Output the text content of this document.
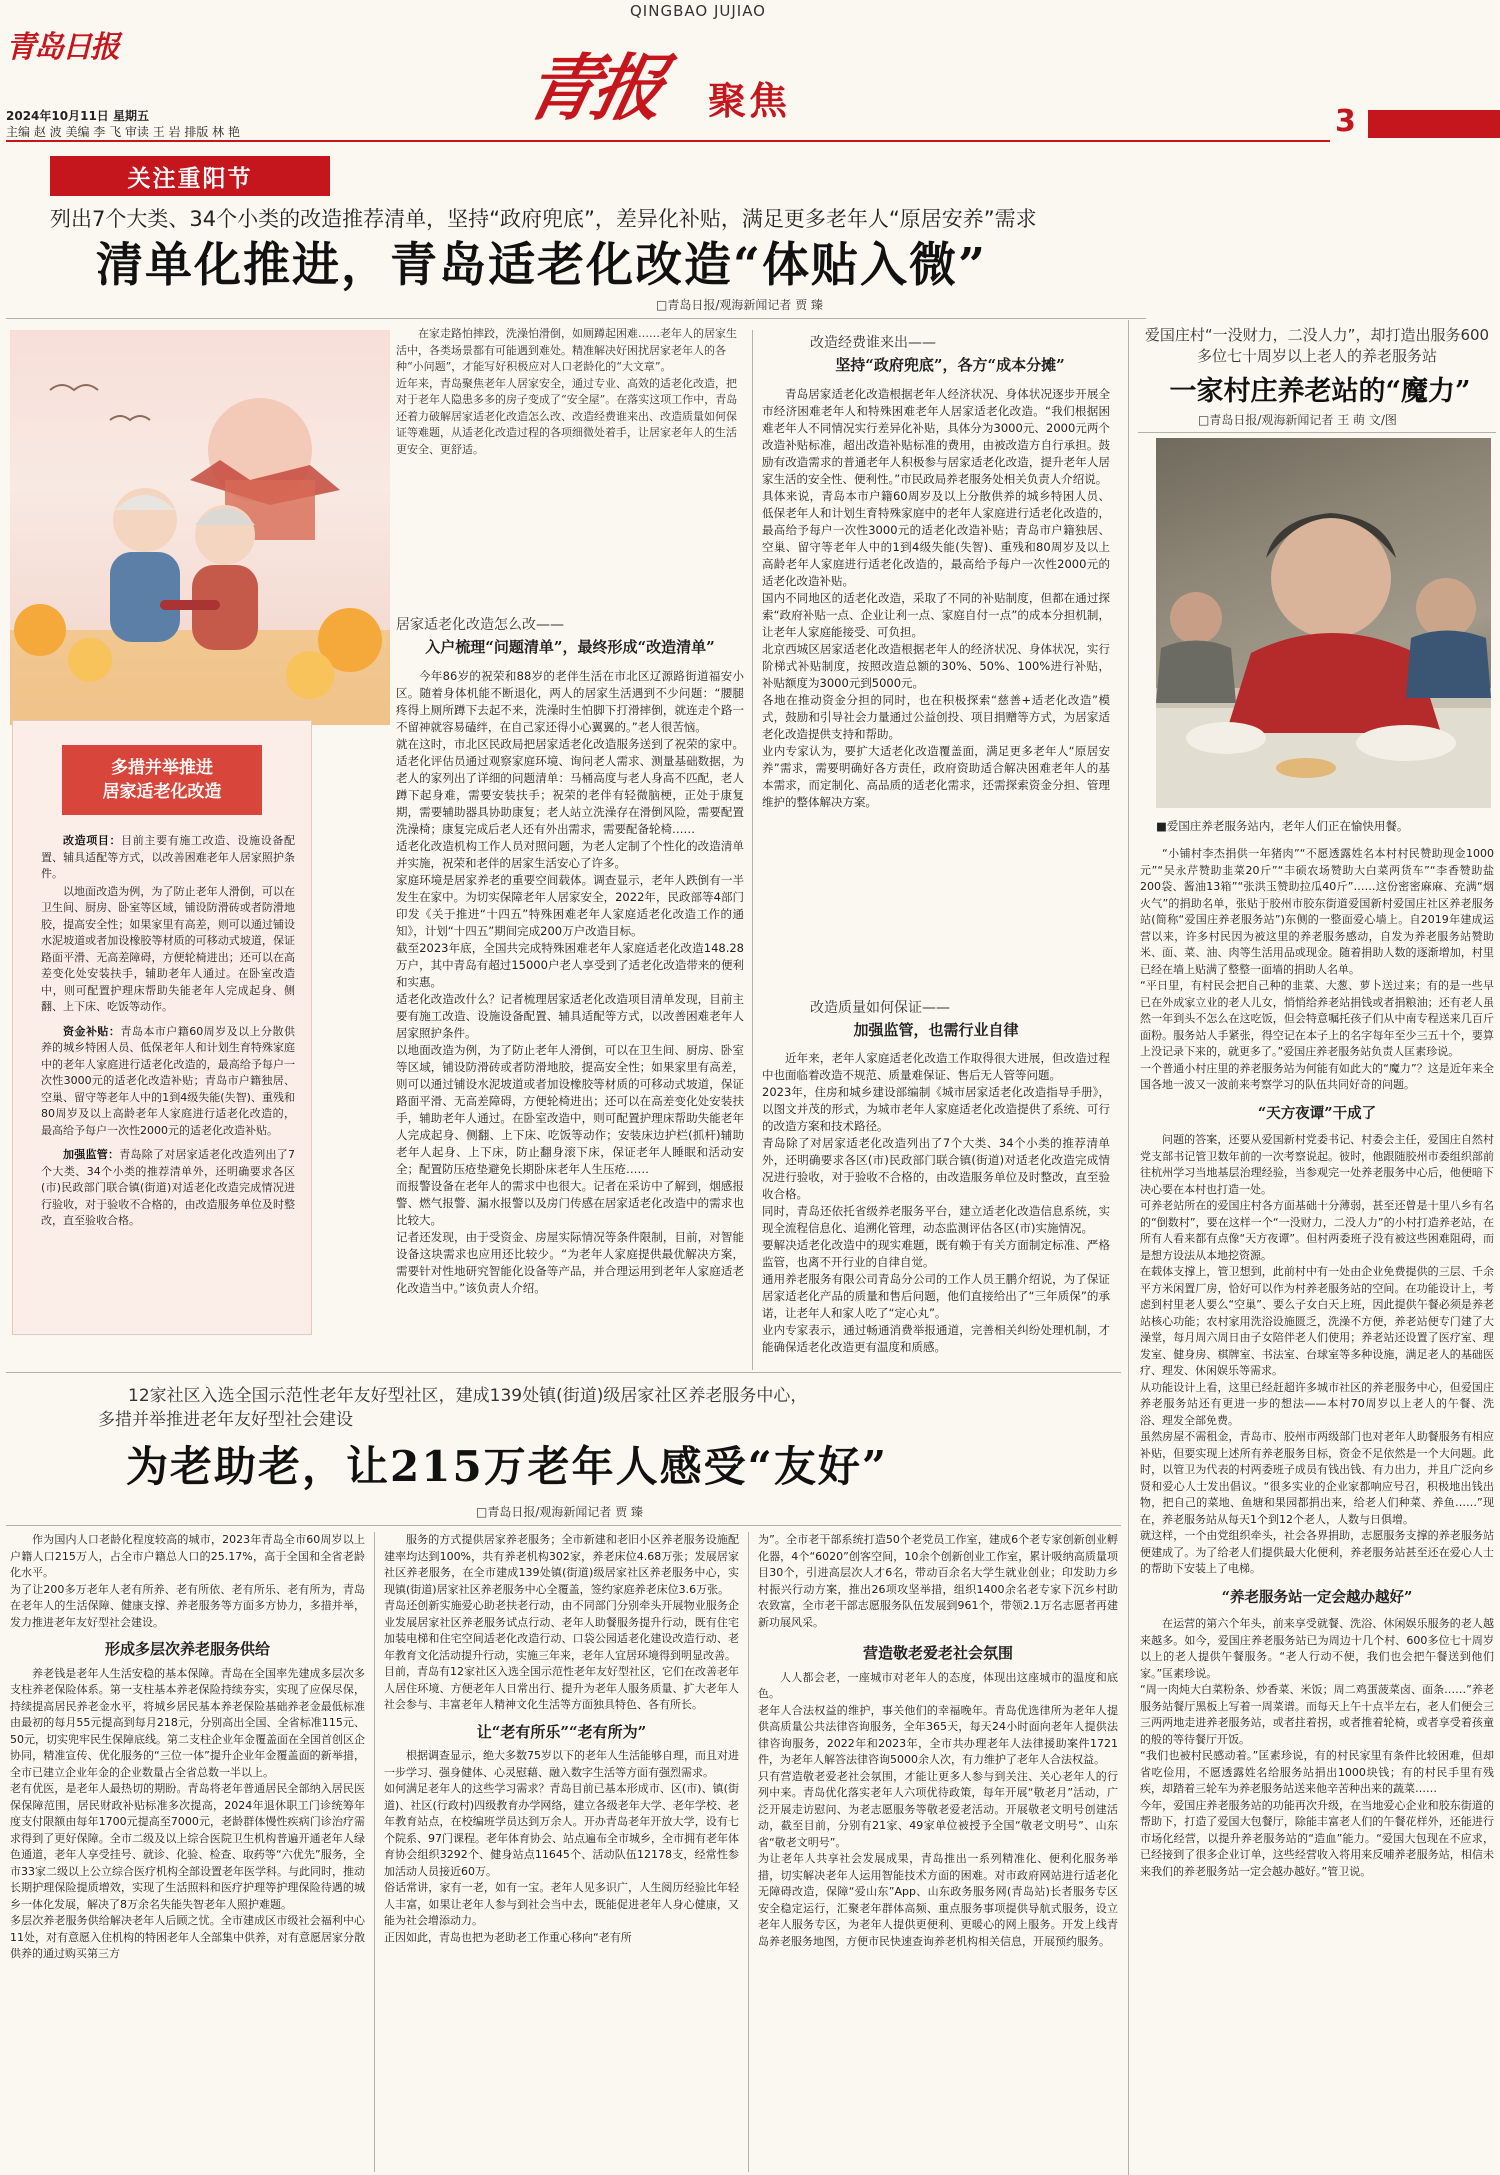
青岛日报
QINGBAO JUJIAO
青报 聚焦
2024年10月11日 星期五
主编 赵 波 美编 李 飞 审读 王 岩 排版 林 艳	3
关注重阳节
列出7个大类、34个小类的改造推荐清单，坚持“政府兜底”，差异化补贴，满足更多老年人“原居安养”需求
清单化推进，青岛适老化改造“体贴入微”
□青岛日报/观海新闻记者 贾 臻
多措并举推进
居家适老化改造

改造项目：目前主要有施工改造、设施设备配置、辅具适配等方式，以改善困难老年人居家照护条件。

以地面改造为例，为了防止老年人滑倒，可以在卫生间、厨房、卧室等区域，铺设防滑砖或者防滑地胶，提高安全性；如果家里有高差，则可以通过铺设水泥坡道或者加设橡胶等材质的可移动式坡道，保证路面平滑、无高差障碍，方便轮椅进出；还可以在高差变化处安装扶手，辅助老年人通过。在卧室改造中，则可配置护理床帮助失能老年人完成起身、侧翻、上下床、吃饭等动作。

资金补贴：青岛本市户籍60周岁及以上分散供养的城乡特困人员、低保老年人和计划生育特殊家庭中的老年人家庭进行适老化改造的，最高给予每户一次性3000元的适老化改造补贴；青岛市户籍独居、空巢、留守等老年人中的1到4级失能(失智)、重残和80周岁及以上高龄老年人家庭进行适老化改造的，最高给予每户一次性2000元的适老化改造补贴。

加强监管：青岛除了对居家适老化改造列出了7个大类、34个小类的推荐清单外，还明确要求各区(市)民政部门联合镇(街道)对适老化改造完成情况进行验收，对于验收不合格的，由改造服务单位及时整改，直至验收合格。

在家走路怕摔跤，洗澡怕滑倒，如厕蹲起困难……老年人的居家生活中，各类场景都有可能遇到难处。精准解决好困扰居家老年人的各种“小问题”，才能写好积极应对人口老龄化的“大文章”。
近年来，青岛聚焦老年人居家安全，通过专业、高效的适老化改造，把对于老年人隐患多多的房子变成了“安全屋”。在落实这项工作中，青岛还着力破解居家适老化改造怎么改、改造经费谁来出、改造质量如何保证等难题，从适老化改造过程的各项细微处着手，让居家老年人的生活更安全、更舒适。
居家适老化改造怎么改——
入户梳理“问题清单”，最终形成“改造清单”
今年86岁的祝荣和88岁的老伴生活在市北区辽源路街道福安小区。随着身体机能不断退化，两人的居家生活遇到不少问题：“腰腿疼得上厕所蹲下去起不来，洗澡时生怕脚下打滑摔倒，就连走个路一不留神就容易磕绊，在自己家还得小心翼翼的。”老人很苦恼。
就在这时，市北区民政局把居家适老化改造服务送到了祝荣的家中。适老化评估员通过观察家庭环境、询问老人需求、测量基础数据，为老人的家列出了详细的问题清单：马桶高度与老人身高不匹配，老人蹲下起身难，需要安装扶手；祝荣的老伴有轻微脑梗，正处于康复期，需要辅助器具协助康复；老人站立洗澡存在滑倒风险，需要配置洗澡椅；康复完成后老人还有外出需求，需要配备轮椅……
适老化改造机构工作人员对照问题，为老人定制了个性化的改造清单并实施，祝荣和老伴的居家生活安心了许多。
家庭环境是居家养老的重要空间载体。调查显示，老年人跌倒有一半发生在家中。为切实保障老年人居家安全，2022年，民政部等4部门印发《关于推进“十四五”特殊困难老年人家庭适老化改造工作的通知》，计划“十四五”期间完成200万户改造目标。
截至2023年底，全国共完成特殊困难老年人家庭适老化改造148.28万户，其中青岛有超过15000户老人享受到了适老化改造带来的便利和实惠。
适老化改造改什么？记者梳理居家适老化改造项目清单发现，目前主要有施工改造、设施设备配置、辅具适配等方式，以改善困难老年人居家照护条件。
以地面改造为例，为了防止老年人滑倒，可以在卫生间、厨房、卧室等区域，铺设防滑砖或者防滑地胶，提高安全性；如果家里有高差，则可以通过铺设水泥坡道或者加设橡胶等材质的可移动式坡道，保证路面平滑、无高差障碍，方便轮椅进出；还可以在高差变化处安装扶手，辅助老年人通过。在卧室改造中，则可配置护理床帮助失能老年人完成起身、侧翻、上下床、吃饭等动作；安装床边护栏(抓杆)辅助老年人起身、上下床，防止翻身滚下床，保证老年人睡眠和活动安全；配置防压疮垫避免长期卧床老年人生压疮……
而报警设备在老年人的需求中也很大。记者在采访中了解到，烟感报警、燃气报警、漏水报警以及房门传感在居家适老化改造中的需求也比较大。
记者还发现，由于受资金、房屋实际情况等条件限制，目前，对智能设备这块需求也应用还比较少。“为老年人家庭提供最优解决方案，需要针对性地研究智能化设备等产品，并合理运用到老年人家庭适老化改造当中。”该负责人介绍。
改造经费谁来出——
坚持“政府兜底”，各方“成本分摊”
青岛居家适老化改造根据老年人经济状况、身体状况逐步开展全市经济困难老年人和特殊困难老年人居家适老化改造。“我们根据困难老年人不同情况实行差异化补贴，具体分为3000元、2000元两个改造补贴标准，超出改造补贴标准的费用，由被改造方自行承担。鼓励有改造需求的普通老年人积极参与居家适老化改造，提升老年人居家生活的安全性、便利性。”市民政局养老服务处相关负责人介绍说。
具体来说，青岛本市户籍60周岁及以上分散供养的城乡特困人员、低保老年人和计划生育特殊家庭中的老年人家庭进行适老化改造的，最高给予每户一次性3000元的适老化改造补贴；青岛市户籍独居、空巢、留守等老年人中的1到4级失能(失智)、重残和80周岁及以上高龄老年人家庭进行适老化改造的，最高给予每户一次性2000元的适老化改造补贴。
国内不同地区的适老化改造，采取了不同的补贴制度，但都在通过探索“政府补贴一点、企业让利一点、家庭自付一点”的成本分担机制，让老年人家庭能接受、可负担。
北京西城区居家适老化改造根据老年人的经济状况、身体状况，实行阶梯式补贴制度，按照改造总额的30%、50%、100%进行补贴，补贴额度为3000元到5000元。
各地在推动资金分担的同时，也在积极探索“慈善+适老化改造”模式，鼓励和引导社会力量通过公益创投、项目捐赠等方式，为居家适老化改造提供支持和帮助。
业内专家认为，要扩大适老化改造覆盖面，满足更多老年人“原居安养”需求，需要明确好各方责任，政府资助适合解决困难老年人的基本需求，而定制化、高品质的适老化需求，还需探索资金分担、管理维护的整体解决方案。
改造质量如何保证——
加强监管，也需行业自律
近年来，老年人家庭适老化改造工作取得很大进展，但改造过程中也面临着改造不规范、质量难保证、售后无人管等问题。
2023年，住房和城乡建设部编制《城市居家适老化改造指导手册》，以图文并茂的形式，为城市老年人家庭适老化改造提供了系统、可行的改造方案和技术路径。
青岛除了对居家适老化改造列出了7个大类、34个小类的推荐清单外，还明确要求各区(市)民政部门联合镇(街道)对适老化改造完成情况进行验收，对于验收不合格的，由改造服务单位及时整改，直至验收合格。
同时，青岛还依托省级养老服务平台，建立适老化改造信息系统，实现全流程信息化、追溯化管理，动态监测评估各区(市)实施情况。
要解决适老化改造中的现实难题，既有赖于有关方面制定标准、严格监管，也离不开行业的自律自觉。
通用养老服务有限公司青岛分公司的工作人员王鹏介绍说，为了保证居家适老化产品的质量和售后问题，他们直接给出了“三年质保”的承诺，让老年人和家人吃了“定心丸”。
业内专家表示，通过畅通消费举报通道，完善相关纠纷处理机制，才能确保适老化改造更有温度和质感。
12家社区入选全国示范性老年友好型社区，建成139处镇(街道)级居家社区养老服务中心，
多措并举推进老年友好型社会建设
为老助老，让215万老年人感受“友好”
□青岛日报/观海新闻记者 贾 臻
作为国内人口老龄化程度较高的城市，2023年青岛全市60周岁以上户籍人口215万人，占全市户籍总人口的25.17%，高于全国和全省老龄化水平。
为了让200多万老年人老有所养、老有所依、老有所乐、老有所为，青岛在老年人的生活保障、健康支撑、养老服务等方面多方协力，多措并举，发力推进老年友好型社会建设。
形成多层次养老服务供给
养老钱是老年人生活安稳的基本保障。青岛在全国率先建成多层次多支柱养老保险体系。第一支柱基本养老保险持续夯实，实现了应保尽保，持续提高居民养老金水平，将城乡居民基本养老保险基础养老金最低标准由最初的每月55元提高到每月218元，分别高出全国、全省标准115元、50元，切实兜牢民生保障底线。第二支柱企业年金覆盖面在全国首创区企协同，精准宣传、优化服务的“三位一体”提升企业年金覆盖面的新举措，全市已建立企业年金的企业数量占全省总数一半以上。
老有优医，是老年人最热切的期盼。青岛将老年普通居民全部纳入居民医保保障范围，居民财政补贴标准多次提高，2024年退休职工门诊统筹年度支付限额由每年1700元提高至7000元，老龄群体慢性疾病门诊治疗需求得到了更好保障。全市二级及以上综合医院卫生机构普遍开通老年人绿色通道，老年人享受挂号、就诊、化验、检查、取药等“六优先”服务，全市33家二级以上公立综合医疗机构全部设置老年医学科。与此同时，推动长期护理保险提质增效，实现了生活照料和医疗护理等护理保险待遇的城乡一体化发展，解决了8万余名失能失智老年人照护难题。
多层次养老服务供给解决老年人后顾之忧。全市建成区市级社会福利中心11处，对有意愿入住机构的特困老年人全部集中供养，对有意愿居家分散供养的通过购买第三方
服务的方式提供居家养老服务；全市新建和老旧小区养老服务设施配建率均达到100%，共有养老机构302家，养老床位4.68万张；发展居家社区养老服务，在全市建成139处镇(街道)级居家社区养老服务中心，实现镇(街道)居家社区养老服务中心全覆盖，签约家庭养老床位3.6万张。
青岛还创新实施爱心助老扶老行动，由不同部门分别牵头开展物业服务企业发展居家社区养老服务试点行动、老年人助餐服务提升行动，既有住宅加装电梯和住宅空间适老化改造行动、口袋公园适老化建设改造行动、老年教育文化活动提升行动，实施三年来，老年人宜居环境得到明显改善。
目前，青岛有12家社区入选全国示范性老年友好型社区，它们在改善老年人居住环境、方便老年人日常出行、提升为老年人服务质量、扩大老年人社会参与、丰富老年人精神文化生活等方面独具特色、各有所长。
让“老有所乐”“老有所为”
根据调查显示，绝大多数75岁以下的老年人生活能够自理，而且对进一步学习、强身健体、心灵慰藉、融入数字生活等方面有强烈需求。
如何满足老年人的这些学习需求？青岛目前已基本形成市、区(市)、镇(街道)、社区(行政村)四级教育办学网络，建立各级老年大学、老年学校、老年教育站点，在校编班学员达到万余人。开办青岛老年开放大学，设有七个院系、97门课程。老年体育协会、站点遍布全市城乡，全市拥有老年体育协会组织3292个、健身站点11645个、活动队伍12178支，经常性参加活动人员接近60万。
俗话常讲，家有一老，如有一宝。老年人见多识广，人生阅历经验比年轻人丰富，如果让老年人参与到社会当中去，既能促进老年人身心健康，又能为社会增添动力。
正因如此，青岛也把为老助老工作重心移向“老有所
为”。全市老干部系统打造50个老党员工作室，建成6个老专家创新创业孵化器，4个“6020”创客空间，10余个创新创业工作室，累计吸纳高质量项目30个，引进高层次人才6名，带动百余名大学生就业创业；印发助力乡村振兴行动方案，推出26项攻坚举措，组织1400余名老专家下沉乡村助农致富，全市老干部志愿服务队伍发展到961个，带领2.1万名志愿者再建新功展风采。
营造敬老爱老社会氛围
人人都会老，一座城市对老年人的态度，体现出这座城市的温度和底色。
老年人合法权益的维护，事关他们的幸福晚年。青岛优选律所为老年人提供高质量公共法律咨询服务，全年365天，每天24小时面向老年人提供法律咨询服务，2022年和2023年，全市共办理老年人法律援助案件1721件，为老年人解答法律咨询5000余人次，有力维护了老年人合法权益。
只有营造敬老爱老社会氛围，才能让更多人参与到关注、关心老年人的行列中来。青岛优化落实老年人六项优待政策，每年开展“敬老月”活动，广泛开展走访慰问、为老志愿服务等敬老爱老活动。开展敬老文明号创建活动，截至目前，分别有21家、49家单位被授予全国“敬老文明号”、山东省“敬老文明号”。
为让老年人共享社会发展成果，青岛推出一系列精准化、便利化服务举措，切实解决老年人运用智能技术方面的困难。对市政府网站进行适老化无障碍改造，保障“爱山东”App、山东政务服务网(青岛站)长者服务专区安全稳定运行，汇聚老年群体高频、重点服务事项提供导航式服务，设立老年人服务专区，为老年人提供更便利、更暖心的网上服务。开发上线青岛养老服务地图，方便市民快速查询养老机构相关信息，开展预约服务。
爱国庄村“一没财力，二没人力”，却打造出服务600多位七十周岁以上老人的养老服务站
一家村庄养老站的“魔力”
□青岛日报/观海新闻记者 王 萌 文/图
■爱国庄养老服务站内，老年人们正在愉快用餐。
“小铺村李杰捐供一年猪肉”“不愿透露姓名本村村民赞助现金1000元”“吴永芹赞助韭菜20斤”“丰硕农场赞助大白菜两货车”“李香赞助盐200袋、酱油13箱”“张洪玉赞助拉瓜40斤”……这份密密麻麻、充满“烟火气”的捐助名单，张贴于胶州市胶东街道爱国新村爱国庄社区养老服务站(简称“爱国庄养老服务站”)东侧的一整面爱心墙上。自2019年建成运营以来，许多村民因为被这里的养老服务感动，自发为养老服务站赞助米、面、菜、油、肉等生活用品或现金。随着捐助人数的逐渐增加，村里已经在墙上贴满了整整一面墙的捐助人名单。
“平日里，有村民会把自己种的韭菜、大葱、萝卜送过来；有的是一些早已在外成家立业的老人儿女，悄悄给养老站捐钱或者捐粮油；还有老人虽然一年到头不怎么在这吃饭，但会特意嘱托孩子们从中南专程送来几百斤面粉。服务站人手紧张，得空记在本子上的名字每年至少三五十个，要算上没记录下来的，就更多了。”爱国庄养老服务站负责人匡素珍说。
一个普通小村庄里的养老服务站为何能有如此大的“魔力”？这是近年来全国各地一波又一波前来考察学习的队伍共同好奇的问题。
“天方夜谭”干成了
问题的答案，还要从爱国新村党委书记、村委会主任，爱国庄自然村党支部书记管卫数年前的一次考察说起。彼时，他跟随胶州市委组织部前往杭州学习当地基层治理经验，当参观完一处养老服务中心后，他便暗下决心要在本村也打造一处。
可养老站所在的爱国庄村各方面基础十分薄弱，甚至还曾是十里八乡有名的“倒数村”，要在这样一个“一没财力，二没人力”的小村打造养老站，在所有人看来都有点像“天方夜谭”。但村两委班子没有被这些困难阻碍，而是想方设法从本地挖资源。
在载体支撑上，管卫想到，此前村中有一处由企业免费提供的三层、千余平方米闲置厂房，恰好可以作为村养老服务站的空间。在功能设计上，考虑到村里老人要么“空巢”、要么子女白天上班，因此提供午餐必须是养老站核心功能；农村家用洗浴设施匮乏，洗澡不方便，养老站便专门建了大澡堂，每月周六周日由子女陪伴老人们使用；养老站还设置了医疗室、理发室、健身房、棋牌室、书法室、台球室等多种设施，满足老人的基础医疗、理发、休闲娱乐等需求。
从功能设计上看，这里已经赶超许多城市社区的养老服务中心，但爱国庄养老服务站还有更进一步的想法——本村70周岁以上老人的午餐、洗浴、理发全部免费。
虽然房屋不需租金，青岛市、胶州市两级部门也对老年人助餐服务有相应补贴，但要实现上述所有养老服务目标，资金不足依然是一个大问题。此时，以管卫为代表的村两委班子成员有钱出钱、有力出力，并且广泛向乡贤和爱心人士发出倡议。“很多实业的企业家都响应号召，积极地出钱出物，把自己的菜地、鱼塘和果园都捐出来，给老人们种菜、养鱼……”现在，养老服务站从每天1个到12个老人，人数与日俱增。
就这样，一个由党组织牵头，社会各界捐助，志愿服务支撑的养老服务站便建成了。为了给老人们提供最大化便利，养老服务站甚至还在爱心人士的帮助下安装上了电梯。
“养老服务站一定会越办越好”
在运营的第六个年头，前来享受就餐、洗浴、休闲娱乐服务的老人越来越多。如今，爱国庄养老服务站已为周边十几个村、600多位七十周岁以上的老人提供午餐服务。“老人行动不便，我们也会把午餐送到他们家。”匡素珍说。
“周一肉炖大白菜粉条、炒香菜、米饭；周二鸡蛋菠菜卤、面条……”养老服务站餐厅黑板上写着一周菜谱。而每天上午十点半左右，老人们便会三三两两地走进养老服务站，或者拄着拐，或者推着轮椅，或者享受着孩童的般的等待餐厅开饭。
“我们也被村民感动着。”匡素珍说，有的村民家里有条件比较困难，但却省吃俭用，不愿透露姓名给服务站捐出1000块钱；有的村民手里有残疾，却踏着三轮车为养老服务站送来他辛苦种出来的蔬菜……
今年，爱国庄养老服务站的功能再次升级，在当地爱心企业和胶东街道的帮助下，打造了爱国大包餐厅，除能丰富老人们的午餐花样外，还能进行市场化经营，以提升养老服务站的“造血”能力。“爱国大包现在不应求，已经接到了很多企业订单，这些经营收入将用来反哺养老服务站，相信未来我们的养老服务站一定会越办越好。”管卫说。
